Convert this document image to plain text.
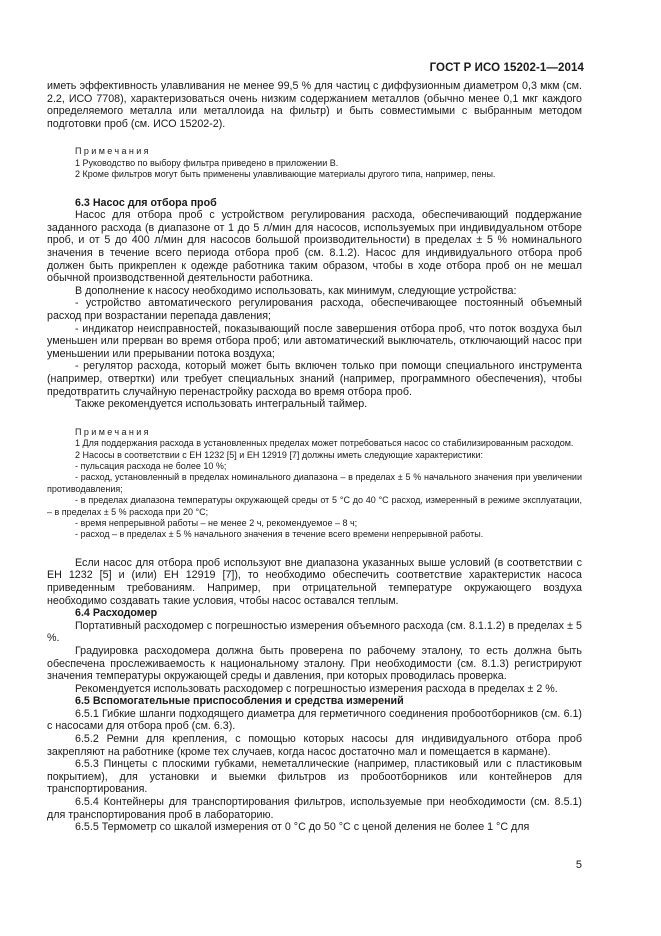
ГОСТ Р ИСО 15202-1—2014

иметь эффективность улавливания не менее 99,5 % для частиц с диффузионным диаметром 0,3 мкм (см. 2.2, ИСО 7708), характеризоваться очень низким содержанием металлов (обычно менее 0,1 мкг каждого определяемого металла или металлоида на фильтр) и быть совместимыми с выбранным методом подготовки проб (см. ИСО 15202-2).

Примечания

1 Руководство по выбору фильтра приведено в приложении В.

2 Кроме фильтров могут быть применены улавливающие материалы другого типа, например, пены.

6.3 Насос для отбора проб

Насос для отбора проб с устройством регулирования расхода, обеспечивающий поддержание заданного расхода (в диапазоне от 1 до 5 л/мин для насосов, используемых при индивидуальном отборе проб, и от 5 до 400 л/мин для насосов большой производительности) в пределах ± 5 % номинального значения в течение всего периода отбора проб (см. 8.1.2). Насос для индивидуального отбора проб должен быть прикреплен к одежде работника таким образом, чтобы в ходе отбора проб он не мешал обычной производственной деятельности работника.

В дополнение к насосу необходимо использовать, как минимум, следующие устройства:

- устройство автоматического регулирования расхода, обеспечивающее постоянный объемный расход при возрастании перепада давления;

- индикатор неисправностей, показывающий после завершения отбора проб, что поток воздуха был уменьшен или прерван во время отбора проб; или автоматический выключатель, отключающий насос при уменьшении или прерывании потока воздуха;

- регулятор расхода, который может быть включен только при помощи специального инструмента (например, отвертки) или требует специальных знаний (например, программного обеспечения), чтобы предотвратить случайную перенастройку расхода во время отбора проб.

Также рекомендуется использовать интегральный таймер.

Примечания

1 Для поддержания расхода в установленных пределах может потребоваться насос со стабилизированным расходом.

2 Насосы в соответствии с ЕН 1232 [5] и ЕН 12919 [7] должны иметь следующие характеристики:

- пульсация расхода не более 10 %;

- расход, установленный в пределах номинального диапазона – в пределах ± 5 % начального значения при увеличении противодавления;

- в пределах диапазона температуры окружающей среды от 5 °C до 40 °C расход, измеренный в режиме эксплуатации, – в пределах ± 5 % расхода при 20 °C;

- время непрерывной работы – не менее 2 ч, рекомендуемое – 8 ч;

- расход – в пределах ± 5 % начального значения в течение всего времени непрерывной работы.

Если насос для отбора проб используют вне диапазона указанных выше условий (в соответствии с ЕН 1232 [5] и (или) ЕН 12919 [7]), то необходимо обеспечить соответствие характеристик насоса приведенным требованиям. Например, при отрицательной температуре окружающего воздуха необходимо создавать такие условия, чтобы насос оставался теплым.

6.4 Расходомер

Портативный расходомер с погрешностью измерения объемного расхода (см. 8.1.1.2) в пределах ± 5 %.

Градуировка расходомера должна быть проверена по рабочему эталону, то есть должна быть обеспечена прослеживаемость к национальному эталону. При необходимости (см. 8.1.3) регистрируют значения температуры окружающей среды и давления, при которых проводилась проверка.

Рекомендуется использовать расходомер с погрешностью измерения расхода в пределах ± 2 %.

6.5 Вспомогательные приспособления и средства измерений

6.5.1 Гибкие шланги подходящего диаметра для герметичного соединения пробоотборников (см. 6.1) с насосами для отбора проб (см. 6.3).

6.5.2 Ремни для крепления, с помощью которых насосы для индивидуального отбора проб закрепляют на работнике (кроме тех случаев, когда насос достаточно мал и помещается в кармане).

6.5.3 Пинцеты с плоскими губками, неметаллические (например, пластиковый или с пластиковым покрытием), для установки и выемки фильтров из пробоотборников или контейнеров для транспортирования.

6.5.4 Контейнеры для транспортирования фильтров, используемые при необходимости (см. 8.5.1) для транспортирования проб в лабораторию.

6.5.5 Термометр со шкалой измерения от 0 °С до 50 °С с ценой деления не более 1 °С для

5
